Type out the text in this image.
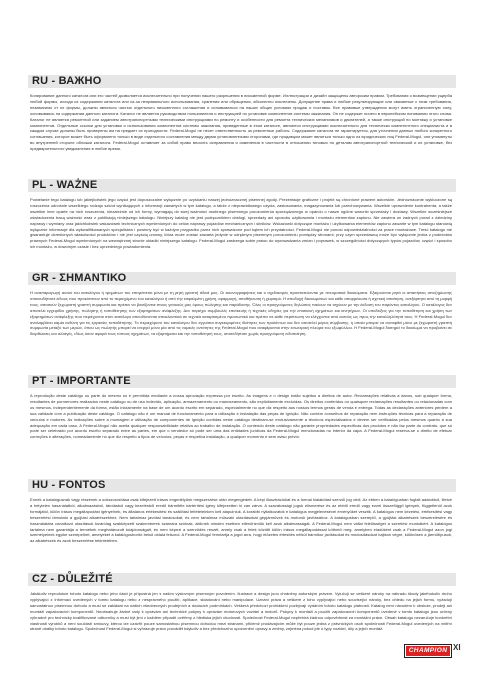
RU - ВАЖНО
Копирование данного каталога или его частей дозволяется исключительно при получении нашего разрешения в письменной форме. Иллюстрации и дизайн защищены авторским правом. Требования о возмещении ущерба любой формы, исходя из содержания каталога или из-за неправильного использования, хранения или обращения, абсолютно исключены. Допущение права и любые результирующие или связанные с этим требования, независимо от их формы, должны являться частью отдельного письменного соглашения и основываться на наших общих условиях продаж и поставок. Все правовые утверждения могут иметь ограниченную силу, основываясь на содержании данного каталога. Каталог не является руководством пользователя и инструкцией по установке компонентов системы зажигания. Он не содержит ничего в европейском понимании этого слова. Каталог не является ремонтной или заданием автотранспортными техническими инструкциями по ремонту и особенности для ремонта технических механизмов и двигателей, а также инструкций по монтажу и установке компонентов. Отдельные ссылки для установки и использования компонентов системы зажигания, приведенные в этом каталоге, являются инструкциями исключительно для технически компетентного специалиста и в каждом случае должны быть проверены им на предмет их пригодности. Federal-Mogul не несет ответственность за ремонтные работы. Содержание каталога не гарантируется, для уточнения данных любого конкретного соглашения, которое может быть оформлено только в виде отдельного составления между двумя установленными сторонами, где продавцом может являться только одно из юридических лиц Federal-Mogul, они упомянуты во внутренней стороне обложки каталога. Federal-Mogul оставляет за собой право вносить исправления и изменения в частности в отношении типовых по деталям автотранспортной технической и их установке, без предварительного уведомления в любое время.
PL - WAŻNE
Powielanie tego katalogu lub jakiejkolwiek jego części jest dopuszczalne wyłącznie po uzyskaniu naszej jednoznacznej pisemnej zgody. Prezentacje graficzne i projekt są chronione prawem autorskim. Jednoznacznie wykluczone są roszczenia odnośnie wszelkiego rodzaju szkód wynikających z informacji zawartych w tym katalogu, a także z nieprawidłowego użycia, zastosowania, magazynowania lub przechowywania. Wszelkie uprawnienie kontrahenta, a także wszelkie inne oparte na nich roszczenia, niezależnie od ich formy, wymagają do swej ważności osobnego pisemnego porozumienia sporządzonego w oparciu o nasze ogólne warunki sprzedaży i dostawy. Wszelkie wcześniejsze oświadczenia tracą ważność wraz z publikacją niniejszego katalogu. Niniejszy katalog nie jest podręcznikiem obsługi, sprzedaży ani sposobu użytkowania i montażu elementów zapłonu. Nie zawiera on żadnych porad z dziedziny naprawy i wymiany oraz jakichkolwiek wskazówek technicznych wymienionych do celów naprawy pojazdów mechanicznych i silników. Wskazówki dotyczące montażu i użytkowania elementów zapłonu zawarte w tym katalogu stanowią wyłącznie informacje dla wykwalifikowanych specjalistów i powinny być w każdym przypadku przez nich sprawdzone pod kątem ich przydatności. Federal-Mogul nie ponosi odpowiedzialności za prace montażowe. Treść katalogu nie gwarantuje określonych właściwości produktów i nie jest częścią umowy, która może zostać zawarta jedynie w odrębnym pisemnym porozumieniu pomiędzy stronami, przy czym sprzedawcą może być wyłącznie jedna z podmiotów prawnych Federal-Mogul wymienionych na wewnętrznej stronie okładki niniejszego katalogu. Federal-Mogul zastrzega sobie prawo do wprowadzania zmian i poprawek, w szczególności dotyczących typów pojazdów, części i sposobu ich montażu, w dowolnym czasie i bez uprzedniego powiadomienia.
GR - ΣΗΜΑΝΤΙΚΟ
Η αναπαραγωγή αυτού του καταλόγου ή τμημάτων του επιτρέπεται μόνο με τη ρητή γραπτή άδειά μας. Οι εικονογραφήσεις και ο σχεδιασμός προστατεύονται με πνευματικά δικαιώματα. Εξαιρούνται ρητά οι απαιτήσεις αποζημίωσης οποιουδήποτε είδους που προκύπτουν από το περιεχόμενο του καταλόγου ή από την εσφαλμένη χρήση, εφαρμογή, αποθήκευση ή χειρισμό. Η αποδοχή δικαιωμάτων και κάθε απορρέουσα ή σχετική απαίτηση, ανεξάρτητα από τη μορφή τους, απαιτούν ξεχωριστή γραπτή συμφωνία και πρέπει να βασίζονται στους γενικούς μας όρους πώλησης και παράδοσης. Όλες οι προηγούμενες δηλώσεις παύουν να ισχύουν με την έκδοση του παρόντος καταλόγου. Ο κατάλογος δεν αποτελεί εγχειρίδιο χρήσης, πώλησης ή τοποθέτησης των εξαρτημάτων ανάφλεξης. Δεν περιέχει συμβουλές επισκευής ή τεχνικές οδηγίες για την επισκευή οχημάτων και κινητήρων. Οι υποδείξεις για την τοποθέτηση και χρήση των εξαρτημάτων ανάφλεξης που περιέχονται στον κατάλογο απευθύνονται αποκλειστικά σε τεχνικά καταρτισμένο προσωπικό και πρέπει σε κάθε περίπτωση να ελέγχονται από αυτούς ως προς την καταλληλότητά τους. Η Federal-Mogul δεν αναλαμβάνει καμία ευθύνη για τις εργασίες τοποθέτησης. Το περιεχόμενο του καταλόγου δεν εγγυάται συγκεκριμένες ιδιότητες των προϊόντων και δεν αποτελεί μέρος σύμβασης, η οποία μπορεί να συναφθεί μόνο με ξεχωριστή γραπτή συμφωνία μεταξύ των μερών, όπου ως πωλητής μπορεί να ενεργεί μόνο μία από τις νομικές οντότητες της Federal-Mogul που αναφέρονται στην εσωτερική πλευρά του εξωφύλλου. Η Federal-Mogul διατηρεί το δικαίωμα να προβαίνει σε διορθώσεις και αλλαγές, ιδίως όσον αφορά τους τύπους οχημάτων, τα εξαρτήματα και την τοποθέτησή τους, οποτεδήποτε χωρίς προηγούμενη ειδοποίηση.
PT - IMPORTANTE
A reprodução deste catálogo ou parte do mesmo só é permitida mediante a nossa aprovação expressa por escrito. As imagens e o design estão sujeitos a direitos de autor. Reclamações relativas a danos, sob qualquer forma, resultantes de pormenores realizados neste catálogo ou de uso indevido, aplicação, armazenamento ou manuseamento, são explicitamente excluídas. Os direitos conferidos ou quaisquer reclamações resultantes ou relacionadas com os mesmos, independentemente da forma, estão inicialmente na base de um acordo escrito em separado, especialmente no que diz respeito aos nossos termos gerais de venda e entrega. Todas as declarações anteriores perdem a sua validade com a publicação deste catálogo. O catálogo não é um manual de funcionamento para a utilização e instalação das peças de ignição. Não contém conselhos de reparação nem instruções técnicas para a reparação de veículos e motores. As indicações sobre a montagem e utilização de componentes de ignição contidas neste catálogo destinam-se exclusivamente a técnicos especializados e devem ser verificadas pelos mesmos quanto à sua adequação em cada caso. A Federal-Mogul não aceita qualquer responsabilidade relativa ao trabalho de instalação. O conteúdo deste catálogo não garante propriedades específicas dos produtos e não faz parte do contrato, que só pode ser celebrado por acordo escrito separado entre as partes, em que o vendedor só pode ser uma das entidades jurídicas da Federal-Mogul mencionadas no interior da capa. A Federal-Mogul reserva-se o direito de efetuar correções e alterações, nomeadamente no que diz respeito a tipos de veículos, peças e respetiva instalação, a qualquer momento e sem aviso prévio.
HU - FONTOS
Ennek a katalógusnak vagy részének a sokszorosítása csak kifejezett írásos engedélyünk megszerzése után megengedett. A képi illusztrációkat és a formai kialakítást szerzői jog védi. Az ebben a katalógusban foglalt adatokból, illetve a helytelen használatból, alkalmazásból, tárolásból vagy kezelésből eredő bármiféle kártérítési igény kifejezetten ki van zárva. A szavatossági jogok elismerése és az ebből eredő vagy ezzel összefüggő igények, függetlenül azok formájától, külön írásos megállapodást igényelnek, és általános értékesítési és szállítási feltételeinken kell alapulniuk. A korábbi nyilatkozatok e katalógus megjelenésével érvényüket vesztik. A katalógus nem kezelési, értékesítési vagy beszerelési útmutató a gyújtási alkatrészekhez. Nem tartalmaz javítási tanácsokat, és nem tartalmaz műszaki utasításokat gépjárművek és motorok javításához. A katalógusban szereplő, a gyújtási alkatrészek beszerelésére és használatára vonatkozó utasítások kizárólag szakképzett szakemberek számára szólnak, akiknek minden esetben ellenőrizniük kell azok alkalmasságát. A Federal-Mogul nem vállal felelősséget a szerelési munkákért. A katalógus tartalma nem garantálja a termékek meghatározott tulajdonságait, és nem képezi a szerződés részét, amely csak a felek közötti külön írásos megállapodással köthető meg, amelyben eladóként csak a Federal-Mogul azon jogi személyeinek egyike szerepelhet, amelyeket a katalógusborító belső oldala felsorol. A Federal-Mogul fenntartja a jogot arra, hogy előzetes értesítés nélkül bármikor javításokat és módosításokat hajtson végre, különösen a járműtípusok, az alkatrészek és azok beszerelése tekintetében.
CZ - DŮLEŽITÉ
Jakákoliv reprodukce tohoto katalogu nebo jeho částí je přípustná jen s naším výslovným písemným povolením. Ilustrace a design jsou chráněny autorským právem. Vylučují se veškeré nároky na náhradu škody jakéhokoliv druhu vyplývající z informací uvedených v tomto katalogu nebo z nesprávného použití, aplikace, skladování nebo manipulace. Uznání práva a veškeré z toho vyplývající nebo související nároky, bez ohledu na jejich formu, vyžadují samostatnou písemnou dohodu a musí se zakládat na našich všeobecných prodejních a dodacích podmínkách. Veškerá předchozí prohlášení pozbývají vydáním tohoto katalogu platnosti. Katalog není návodem k obsluze, prodeji ani montáži zapalovacích komponentů. Neobsahuje žádné rady k opravám ani technické pokyny k opravám motorových vozidel a motorů. Pokyny k montáži a použití zapalovacích komponentů uvedené v tomto katalogu jsou určeny výhradně pro technicky kvalifikované odborníky a musí být jimi v každém případě ověřeny z hlediska jejich vhodnosti. Společnost Federal-Mogul nepřebírá žádnou odpovědnost za montážní práce. Obsah katalogu nezaručuje konkrétní vlastnosti výrobků a není součástí smlouvy, kterou lze uzavřít pouze samostatnou písemnou dohodou mezi stranami, přičemž prodávajícím může být pouze jedna z právnických osob společnosti Federal-Mogul uvedených na vnitřní straně obálky tohoto katalogu. Společnost Federal-Mogul si vyhrazuje právo provádět kdykoliv a bez předchozího upozornění opravy a změny, zejména pokud jde o typy vozidel, díly a jejich montáž.
CHAMPION XI
